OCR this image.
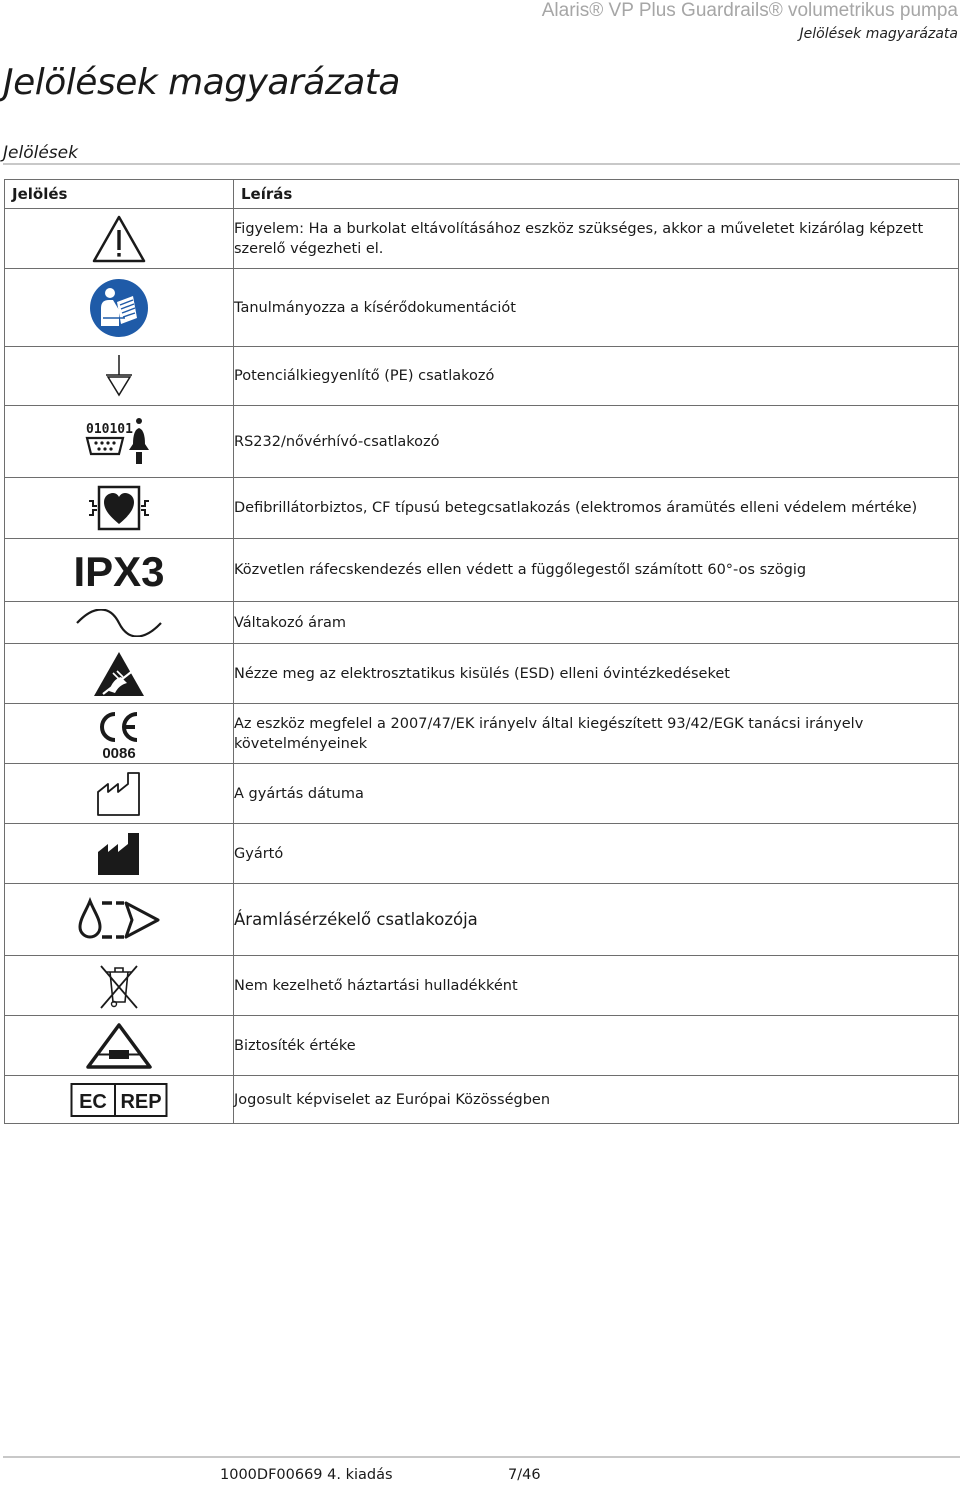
Alaris® VP Plus Guardrails® volumetrikus pumpa
Jelölések magyarázata
Jelölések magyarázata
Jelölések
Jelölés	Leírás

	Figyelem: Ha a burkolat eltávolításához eszköz szükséges, akkor a műveletet kizárólag képzett szerelő végezheti el.

	Tanulmányozza a kísérődokumentációt

	Potenciálkiegyenlítő (PE) csatlakozó

010101	RS232/nővérhívó-csatlakozó

	Defibrillátorbiztos, CF típusú betegcsatlakozás (elektromos áramütés elleni védelem mértéke)

IPX3	Közvetlen ráfecskendezés ellen védett a függőlegestől számított 60°-os szögig

	Váltakozó áram

	Nézze meg az elektrosztatikus kisülés (ESD) elleni óvintézkedéseket

0086	Az eszköz megfelel a 2007/47/EK irányelv által kiegészített 93/42/EGK tanácsi irányelv követelményeinek

	A gyártás dátuma

	Gyártó

	Áramlásérzékelő csatlakozója

	Nem kezelhető háztartási hulladékként

	Biztosíték értéke

EC REP	Jogosult képviselet az Európai Közösségben
1000DF00669 4. kiadás	7/46
